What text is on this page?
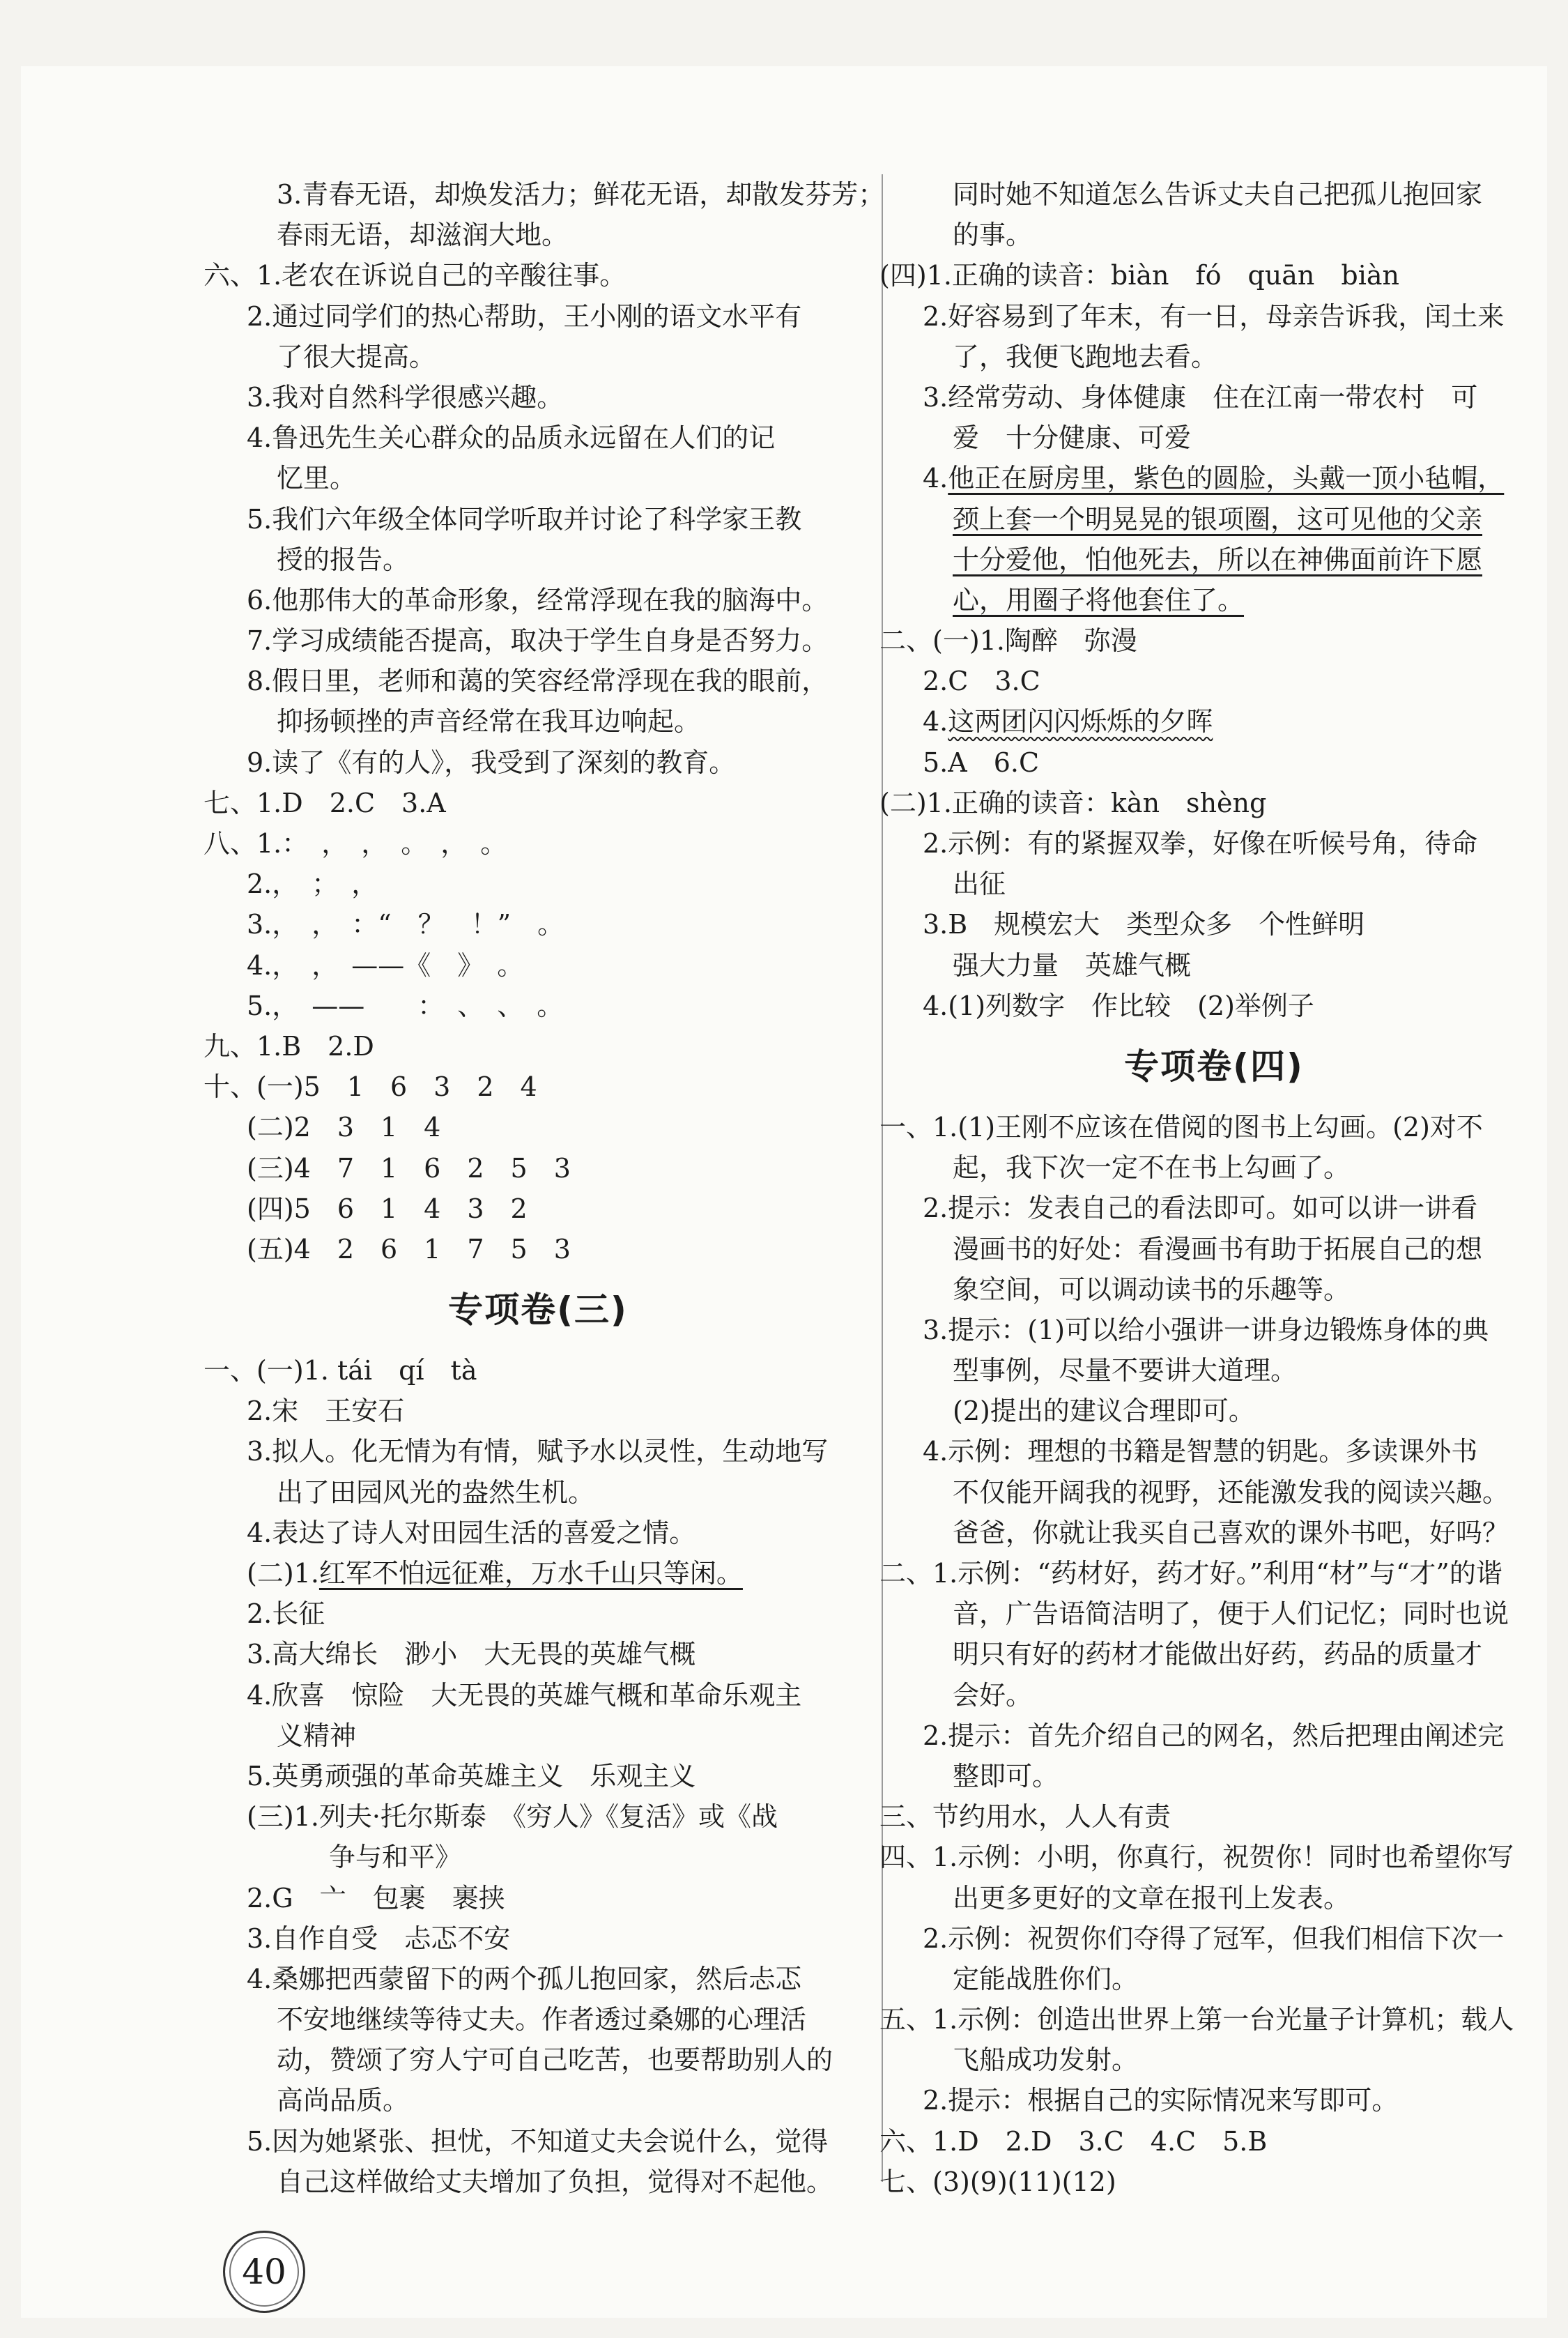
3.青春无语，却焕发活力；鲜花无语，却散发芬芳；
春雨无语，却滋润大地。
六、1.老农在诉说自己的辛酸往事。
2.通过同学们的热心帮助，王小刚的语文水平有
了很大提高。
3.我对自然科学很感兴趣。
4.鲁迅先生关心群众的品质永远留在人们的记
忆里。
5.我们六年级全体同学听取并讨论了科学家王教
授的报告。
6.他那伟大的革命形象，经常浮现在我的脑海中。
7.学习成绩能否提高，取决于学生自身是否努力。
8.假日里，老师和蔼的笑容经常浮现在我的眼前，
抑扬顿挫的声音经常在我耳边响起。
9.读了《有的人》，我受到了深刻的教育。
七、1.D　2.C　3.A
八、1.：　，　，　。　，　。
2.，　；　，
3.，　，　：“　？　！”　。
4.，　，　——《　》　。
5.，　——　　：　、　、　。
九、1.B　2.D
十、(一)5　1　6　3　2　4
(二)2　3　1　4
(三)4　7　1　6　2　5　3
(四)5　6　1　4　3　2
(五)4　2　6　1　7　5　3
专项卷(三)
一、(一)1. tái　qí　tà
2.宋　王安石
3.拟人。化无情为有情，赋予水以灵性，生动地写
出了田园风光的盎然生机。
4.表达了诗人对田园生活的喜爱之情。
(二)1.红军不怕远征难，万水千山只等闲。
2.长征
3.高大绵长　渺小　大无畏的英雄气概
4.欣喜　惊险　大无畏的英雄气概和革命乐观主
义精神
5.英勇顽强的革命英雄主义　乐观主义
(三)1.列夫·托尔斯泰　《穷人》《复活》或《战
争与和平》
2.G　亠　包裹　裹挟
3.自作自受　忐忑不安
4.桑娜把西蒙留下的两个孤儿抱回家，然后忐忑
不安地继续等待丈夫。作者透过桑娜的心理活
动，赞颂了穷人宁可自己吃苦，也要帮助别人的
高尚品质。
5.因为她紧张、担忧，不知道丈夫会说什么，觉得
自己这样做给丈夫增加了负担，觉得对不起他。
同时她不知道怎么告诉丈夫自己把孤儿抱回家
的事。
(四)1.正确的读音：biàn　fó　quān　biàn
2.好容易到了年末，有一日，母亲告诉我，闰土来
了，我便飞跑地去看。
3.经常劳动、身体健康　住在江南一带农村　可
爱　十分健康、可爱
4.他正在厨房里，紫色的圆脸，头戴一顶小毡帽，
颈上套一个明晃晃的银项圈，这可见他的父亲
十分爱他，怕他死去，所以在神佛面前许下愿
心，用圈子将他套住了。
二、(一)1.陶醉　弥漫
2.C　3.C
4.这两团闪闪烁烁的夕晖
5.A　6.C
(二)1.正确的读音：kàn　shèng
2.示例：有的紧握双拳，好像在听候号角，待命
出征
3.B　规模宏大　类型众多　个性鲜明
强大力量　英雄气概
4.(1)列数字　作比较　(2)举例子
专项卷(四)
一、1.(1)王刚不应该在借阅的图书上勾画。(2)对不
起，我下次一定不在书上勾画了。
2.提示：发表自己的看法即可。如可以讲一讲看
漫画书的好处：看漫画书有助于拓展自己的想
象空间，可以调动读书的乐趣等。
3.提示：(1)可以给小强讲一讲身边锻炼身体的典
型事例，尽量不要讲大道理。
(2)提出的建议合理即可。
4.示例：理想的书籍是智慧的钥匙。多读课外书
不仅能开阔我的视野，还能激发我的阅读兴趣。
爸爸，你就让我买自己喜欢的课外书吧，好吗？
二、1.示例：“药材好，药才好。”利用“材”与“才”的谐
音，广告语简洁明了，便于人们记忆；同时也说
明只有好的药材才能做出好药，药品的质量才
会好。
2.提示：首先介绍自己的网名，然后把理由阐述完
整即可。
三、节约用水，人人有责
四、1.示例：小明，你真行，祝贺你！同时也希望你写
出更多更好的文章在报刊上发表。
2.示例：祝贺你们夺得了冠军，但我们相信下次一
定能战胜你们。
五、1.示例：创造出世界上第一台光量子计算机；载人
飞船成功发射。
2.提示：根据自己的实际情况来写即可。
六、1.D　2.D　3.C　4.C　5.B
七、(3)(9)(11)(12)
40
